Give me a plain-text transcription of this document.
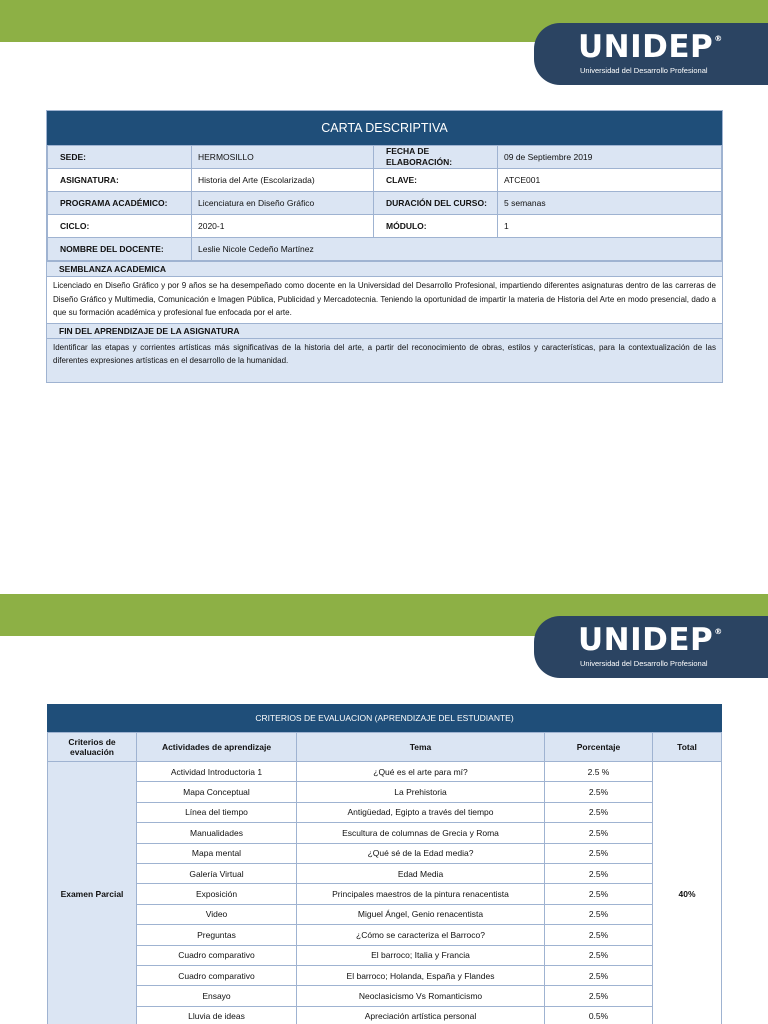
UNIDEP®
Universidad del Desarrollo Profesional
CARTA DESCRIPTIVA
SEDE:	HERMOSILLO	FECHA DE ELABORACIÓN:	09 de Septiembre 2019
ASIGNATURA:	Historia del Arte (Escolarizada)	CLAVE:	ATCE001
PROGRAMA ACADÉMICO:	Licenciatura en Diseño Gráfico	DURACIÓN DEL CURSO:	5 semanas
CICLO:	2020-1	MÓDULO:	1
NOMBRE DEL DOCENTE:	Leslie Nicole Cedeño Martínez		
SEMBLANZA ACADEMICA
Licenciado en Diseño Gráfico y por 9 años se ha desempeñado como docente en la Universidad del Desarrollo Profesional, impartiendo diferentes asignaturas dentro de las carreras de Diseño Gráfico y Multimedia, Comunicación e Imagen Pública, Publicidad y Mercadotecnia. Teniendo la oportunidad de impartir la materia de Historia del Arte en modo presencial, dado a que su formación académica y profesional fue enfocada por el arte.
FIN DEL APRENDIZAJE DE LA ASIGNATURA
Identificar las etapas y corrientes artísticas más significativas de la historia del arte, a partir del reconocimiento de obras, estilos y características, para la contextualización de las diferentes expresiones artísticas en el desarrollo de la humanidad.
UNIDEP®
Universidad del Desarrollo Profesional
CRITERIOS DE EVALUACION (APRENDIZAJE DEL ESTUDIANTE)
Criterios de evaluación	Actividades de aprendizaje	Tema	Porcentaje	Total
Examen Parcial	Actividad Introductoria 1	¿Qué es el arte para mí?	2.5 %	40%
	Mapa Conceptual	La Prehistoria	2.5%	
	Línea del tiempo	Antigüedad, Egipto a través del tiempo	2.5%	
	Manualidades	Escultura de columnas de Grecia y Roma	2.5%	
	Mapa mental	¿Qué sé de la Edad media?	2.5%	
	Galería Virtual	Edad Media	2.5%	
	Exposición	Principales maestros de la pintura renacentista	2.5%	
	Video	Miguel Ángel, Genio renacentista	2.5%	
	Preguntas	¿Cómo se caracteriza el Barroco?	2.5%	
	Cuadro comparativo	El barroco; Italia y Francia	2.5%	
	Cuadro comparativo	El barroco; Holanda, España y Flandes	2.5%	
	Ensayo	Neoclasicismo Vs Romanticismo	2.5%	
	Lluvia de ideas	Apreciación artística personal	0.5%	
